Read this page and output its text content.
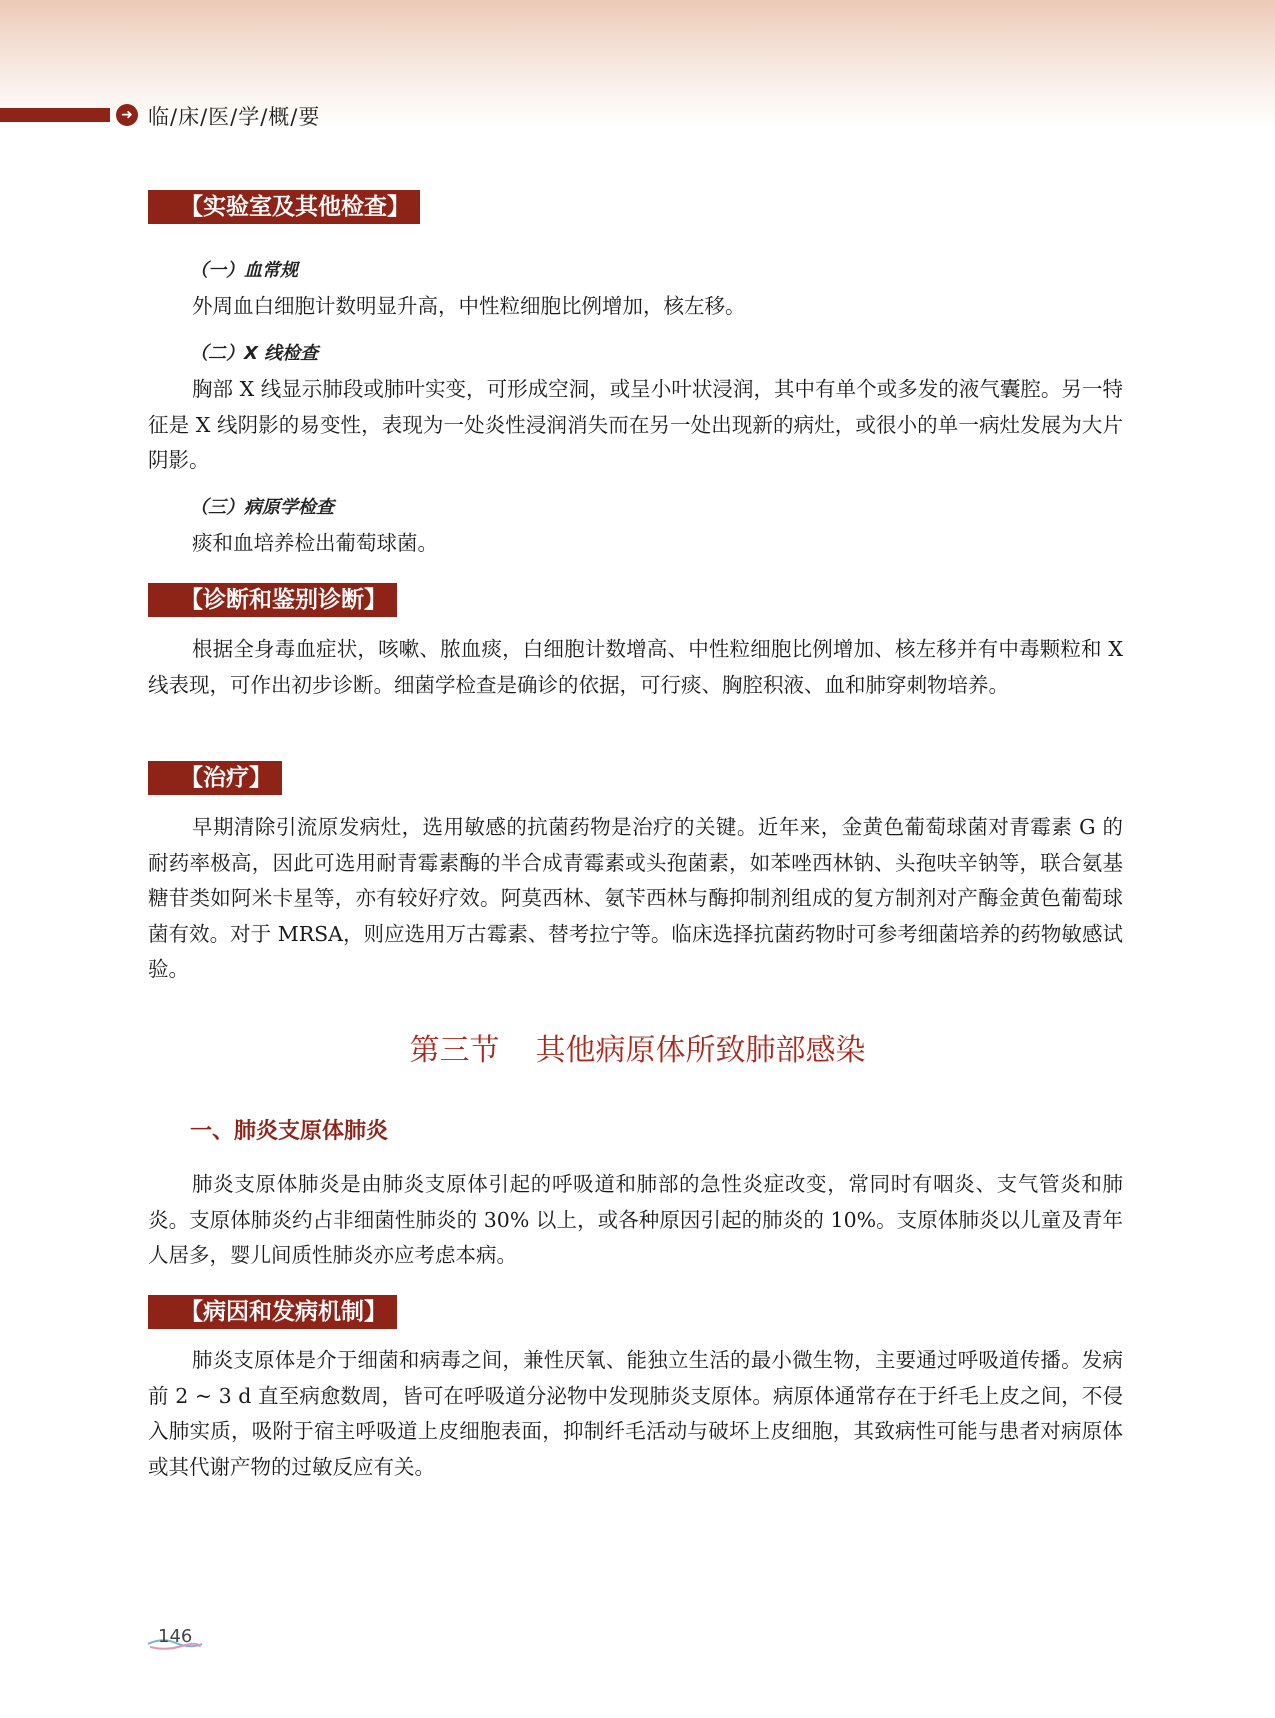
➜ 临/床/医/学/概/要
【实验室及其他检查】
（一）血常规

外周血白细胞计数明显升高，中性粒细胞比例增加，核左移。

（二）X 线检查

胸部 X 线显示肺段或肺叶实变，可形成空洞，或呈小叶状浸润，其中有单个或多发的液气囊腔。另一特征是 X 线阴影的易变性，表现为一处炎性浸润消失而在另一处出现新的病灶，或很小的单一病灶发展为大片阴影。

（三）病原学检查

痰和血培养检出葡萄球菌。

【诊断和鉴别诊断】

根据全身毒血症状，咳嗽、脓血痰，白细胞计数增高、中性粒细胞比例增加、核左移并有中毒颗粒和 X 线表现，可作出初步诊断。细菌学检查是确诊的依据，可行痰、胸腔积液、血和肺穿刺物培养。

【治疗】

早期清除引流原发病灶，选用敏感的抗菌药物是治疗的关键。近年来，金黄色葡萄球菌对青霉素 G 的耐药率极高，因此可选用耐青霉素酶的半合成青霉素或头孢菌素，如苯唑西林钠、头孢呋辛钠等，联合氨基糖苷类如阿米卡星等，亦有较好疗效。阿莫西林、氨苄西林与酶抑制剂组成的复方制剂对产酶金黄色葡萄球菌有效。对于 MRSA，则应选用万古霉素、替考拉宁等。临床选择抗菌药物时可参考细菌培养的药物敏感试验。

第三节 其他病原体所致肺部感染
一、肺炎支原体肺炎

肺炎支原体肺炎是由肺炎支原体引起的呼吸道和肺部的急性炎症改变，常同时有咽炎、支气管炎和肺炎。支原体肺炎约占非细菌性肺炎的 30% 以上，或各种原因引起的肺炎的 10%。支原体肺炎以儿童及青年人居多，婴儿间质性肺炎亦应考虑本病。

【病因和发病机制】

肺炎支原体是介于细菌和病毒之间，兼性厌氧、能独立生活的最小微生物，主要通过呼吸道传播。发病前 2 ~ 3 d 直至病愈数周，皆可在呼吸道分泌物中发现肺炎支原体。病原体通常存在于纤毛上皮之间，不侵入肺实质，吸附于宿主呼吸道上皮细胞表面，抑制纤毛活动与破坏上皮细胞，其致病性可能与患者对病原体或其代谢产物的过敏反应有关。

146
